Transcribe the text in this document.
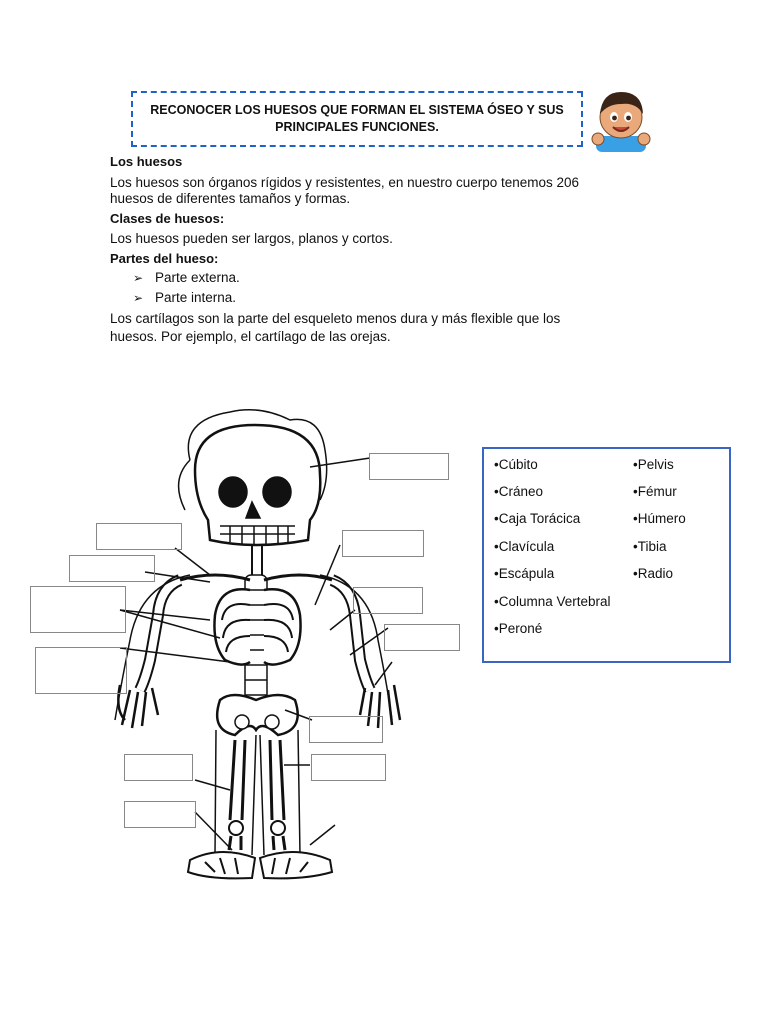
RECONOCER LOS HUESOS QUE FORMAN EL SISTEMA ÓSEO Y SUS
PRINCIPALES FUNCIONES.
Los huesos
Los huesos son órganos rígidos y resistentes, en nuestro cuerpo tenemos 206
huesos de diferentes tamaños y formas.
Clases de huesos:
Los huesos pueden ser largos, planos y cortos.
Partes del hueso:
➢ Parte externa.
➢ Parte interna.
Los cartílagos son la parte del esqueleto menos dura y más flexible que los
huesos. Por ejemplo, el cartílago de las orejas.
•Cúbito
•Cráneo
•Caja Torácica
•Clavícula
•Escápula
•Columna Vertebral
•Peroné
•Pelvis
•Fémur
•Húmero
•Tibia
•Radio
